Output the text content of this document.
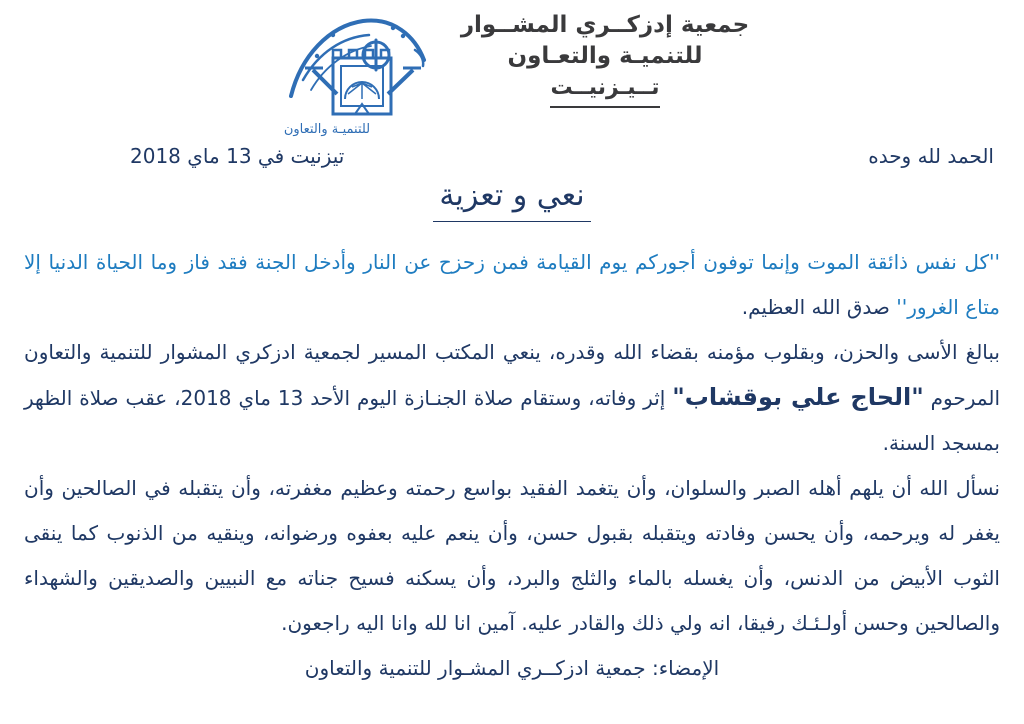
للتنميـة والتعاون
جمعية إدزكــري المشــوار
للتنميـة والتعـاون
تــيـزنيــت
الحمد لله وحده
تيزنيت في 13 ماي 2018
نعي و تعزية

''كل نفس ذائقة الموت وإنما توفون أجوركم يوم القيامة فمن زحزح عن النار وأدخل الجنة فقد فاز وما الحياة الدنيا إلا متاع الغرور'' صدق الله العظيم.

ببالغ الأسى والحزن، وبقلوب مؤمنه بقضاء الله وقدره، ينعي المكتب المسير لجمعية ادزكري المشوار للتنمية والتعاون المرحوم "الحاج علي بوقشاب" إثر وفاته، وستقام صلاة الجنـازة اليوم الأحد 13 ماي 2018، عقب صلاة الظهر بمسجد السنة.

نسأل الله أن يلهم أهله الصبر والسلوان، وأن يتغمد الفقيد بواسع رحمته وعظيم مغفرته، وأن يتقبله في الصالحين وأن يغفر له ويرحمه، وأن يحسن وفادته ويتقبله بقبول حسن، وأن ينعم عليه بعفوه ورضوانه، وينقيه من الذنوب كما ينقى الثوب الأبيض من الدنس، وأن يغسله بالماء والثلج والبرد، وأن يسكنه فسيح جناته مع النبيين والصديقين والشهداء والصالحين وحسن أولـئـك رفيقا، انه ولي ذلك والقادر عليه. آمين انا لله وانا اليه راجعون.

الإمضاء: جمعية ادزكــري المشـوار للتنمية والتعاون
